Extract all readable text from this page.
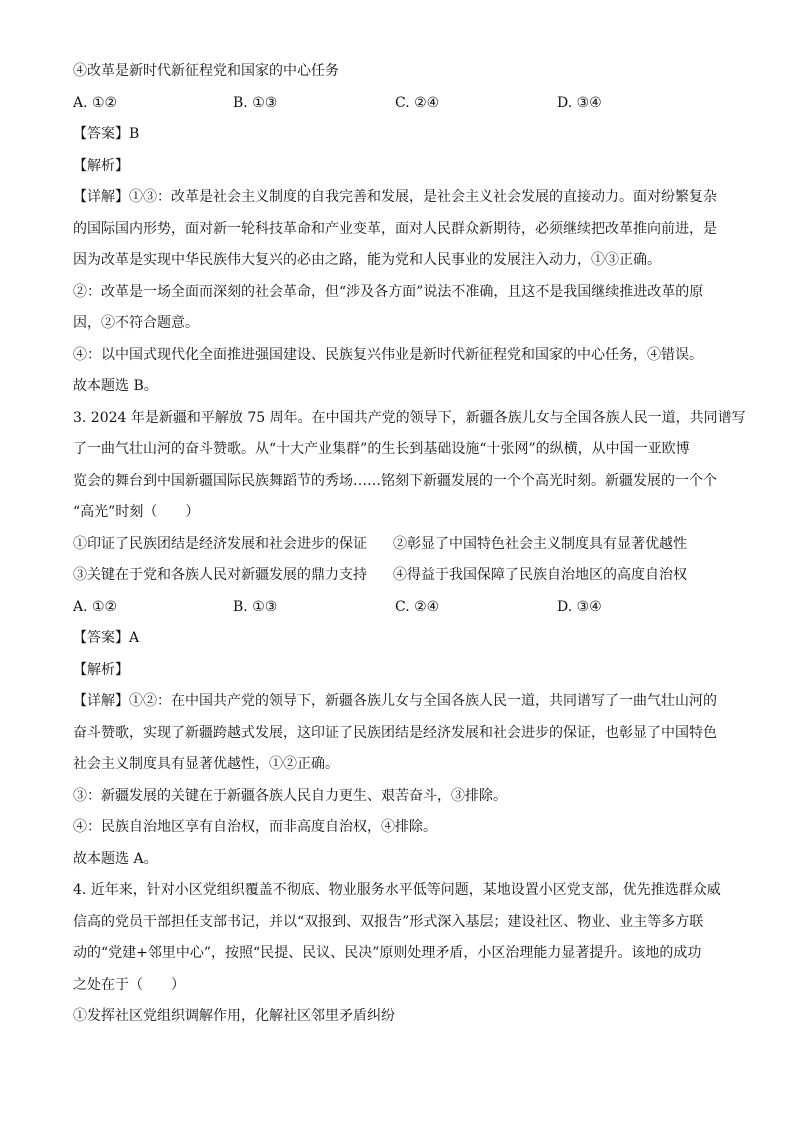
④改革是新时代新征程党和国家的中心任务
A. ①②	B. ①③	C. ②④	D. ③④
【答案】B
【解析】
【详解】①③：改革是社会主义制度的自我完善和发展，是社会主义社会发展的直接动力。面对纷繁复杂
的国际国内形势，面对新一轮科技革命和产业变革，面对人民群众新期待，必须继续把改革推向前进，是
因为改革是实现中华民族伟大复兴的必由之路，能为党和人民事业的发展注入动力，①③正确。
②：改革是一场全面而深刻的社会革命，但“涉及各方面”说法不准确，且这不是我国继续推进改革的原
因，②不符合题意。
④：以中国式现代化全面推进强国建设、民族复兴伟业是新时代新征程党和国家的中心任务，④错误。
故本题选 B。
3. 2024 年是新疆和平解放 75 周年。在中国共产党的领导下，新疆各族儿女与全国各族人民一道，共同谱写
了一曲气壮山河的奋斗赞歌。从“十大产业集群”的生长到基础设施“十张网”的纵横，从中国一亚欧博
览会的舞台到中国新疆国际民族舞蹈节的秀场……铭刻下新疆发展的一个个高光时刻。新疆发展的一个个
“高光”时刻（　　）
①印证了民族团结是经济发展和社会进步的保证 ②彰显了中国特色社会主义制度具有显著优越性
③关键在于党和各族人民对新疆发展的鼎力支持 ④得益于我国保障了民族自治地区的高度自治权
A. ①②	B. ①③	C. ②④	D. ③④
【答案】A
【解析】
【详解】①②：在中国共产党的领导下，新疆各族儿女与全国各族人民一道，共同谱写了一曲气壮山河的
奋斗赞歌，实现了新疆跨越式发展，这印证了民族团结是经济发展和社会进步的保证，也彰显了中国特色
社会主义制度具有显著优越性，①②正确。
③：新疆发展的关键在于新疆各族人民自力更生、艰苦奋斗，③排除。
④：民族自治地区享有自治权，而非高度自治权，④排除。
故本题选 A。
4. 近年来，针对小区党组织覆盖不彻底、物业服务水平低等问题，某地设置小区党支部，优先推选群众威
信高的党员干部担任支部书记，并以“双报到、双报告”形式深入基层；建设社区、物业、业主等多方联
动的“党建+邻里中心”，按照“民提、民议、民决”原则处理矛盾，小区治理能力显著提升。该地的成功
之处在于（　　）
①发挥社区党组织调解作用，化解社区邻里矛盾纠纷
